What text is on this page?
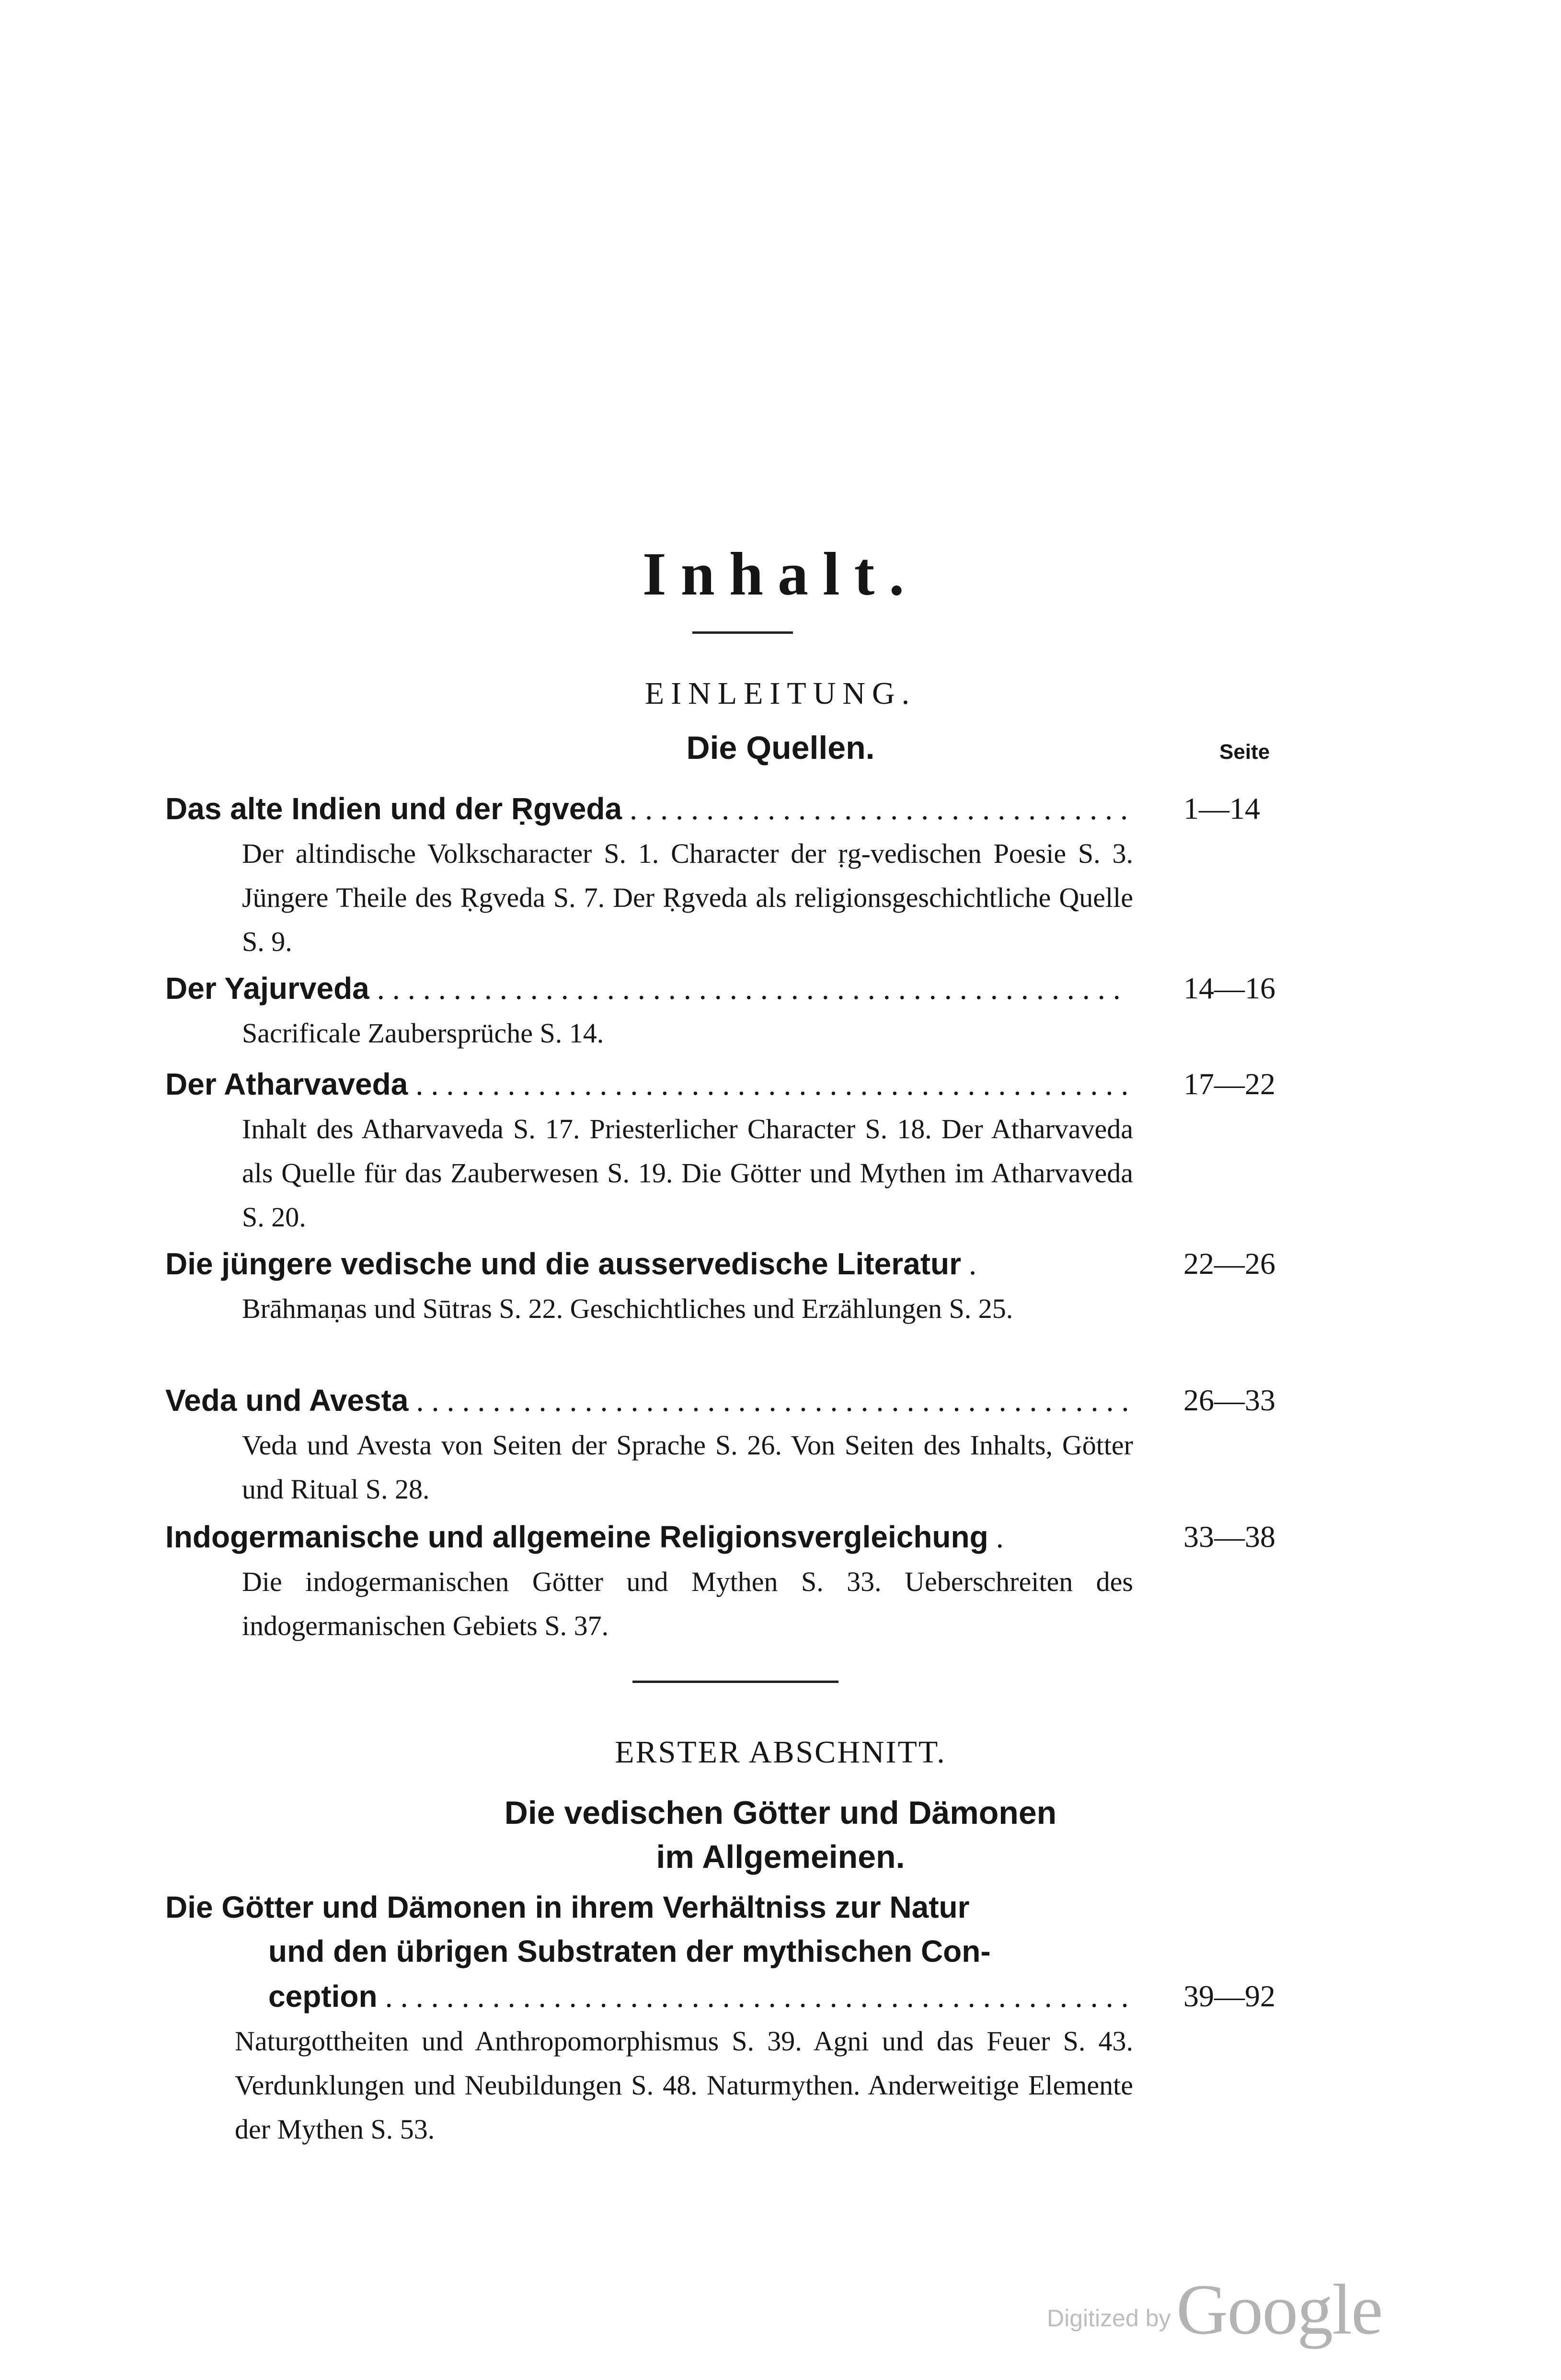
Inhalt.
EINLEITUNG.
Die Quellen.	Seite
Das alte Indien und der Ṛgveda . . .	1—14
Der altindische Volkscharacter S. 1. Character der ṛg-vedischen Poesie S. 3. Jüngere Theile des Ṛgveda S. 7. Der Ṛgveda als religionsgeschichtliche Quelle S. 9.
Der Yajurveda . . .	14—16
Sacrificale Zaubersprüche S. 14.
Der Atharvaveda . . .	17—22
Inhalt des Atharvaveda S. 17. Priesterlicher Character S. 18. Der Atharvaveda als Quelle für das Zauberwesen S. 19. Die Götter und Mythen im Atharvaveda S. 20.
Die jüngere vedische und die ausservedische Literatur .	22—26
Brāhmaṇas und Sūtras S. 22. Geschichtliches und Erzählungen S. 25.
Veda und Avesta . . .	26—33
Veda und Avesta von Seiten der Sprache S. 26. Von Seiten des Inhalts, Götter und Ritual S. 28.
Indogermanische und allgemeine Religionsvergleichung .	33—38
Die indogermanischen Götter und Mythen S. 33. Ueberschreiten des indogermanischen Gebiets S. 37.
ERSTER ABSCHNITT.
Die vedischen Götter und Dämonen
im Allgemeinen.
Die Götter und Dämonen in ihrem Verhältniss zur Natur
und den übrigen Substraten der mythischen Con-
ception . . .	39—92
Naturgottheiten und Anthropomorphismus S. 39. Agni und das Feuer S. 43. Verdunklungen und Neubildungen S. 48. Naturmythen. Anderweitige Elemente der Mythen S. 53.
Digitized by Google
